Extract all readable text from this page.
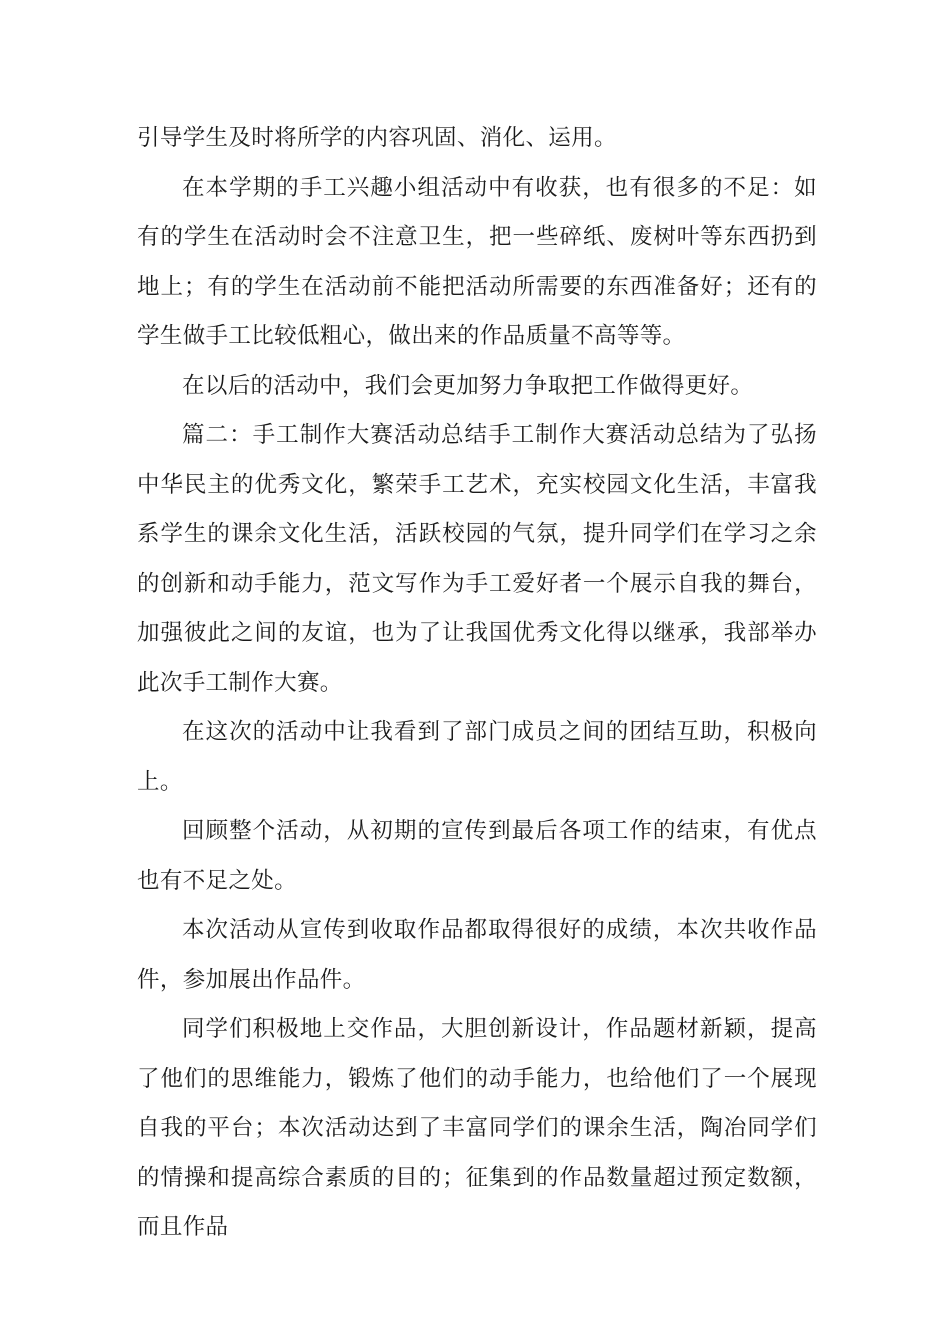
引导学生及时将所学的内容巩固、消化、运用。

在本学期的手工兴趣小组活动中有收获，也有很多的不足：如有的学生在活动时会不注意卫生，把一些碎纸、废树叶等东西扔到地上；有的学生在活动前不能把活动所需要的东西准备好；还有的学生做手工比较低粗心，做出来的作品质量不高等等。

在以后的活动中，我们会更加努力争取把工作做得更好。

篇二：手工制作大赛活动总结手工制作大赛活动总结为了弘扬中华民主的优秀文化，繁荣手工艺术，充实校园文化生活，丰富我系学生的课余文化生活，活跃校园的气氛，提升同学们在学习之余的创新和动手能力，范文写作为手工爱好者一个展示自我的舞台，加强彼此之间的友谊，也为了让我国优秀文化得以继承，我部举办此次手工制作大赛。

在这次的活动中让我看到了部门成员之间的团结互助，积极向上。

回顾整个活动，从初期的宣传到最后各项工作的结束，有优点也有不足之处。

本次活动从宣传到收取作品都取得很好的成绩，本次共收作品件，参加展出作品件。

同学们积极地上交作品，大胆创新设计，作品题材新颖，提高了他们的思维能力，锻炼了他们的动手能力，也给他们了一个展现自我的平台；本次活动达到了丰富同学们的课余生活，陶冶同学们的情操和提高综合素质的目的；征集到的作品数量超过预定数额，而且作品
